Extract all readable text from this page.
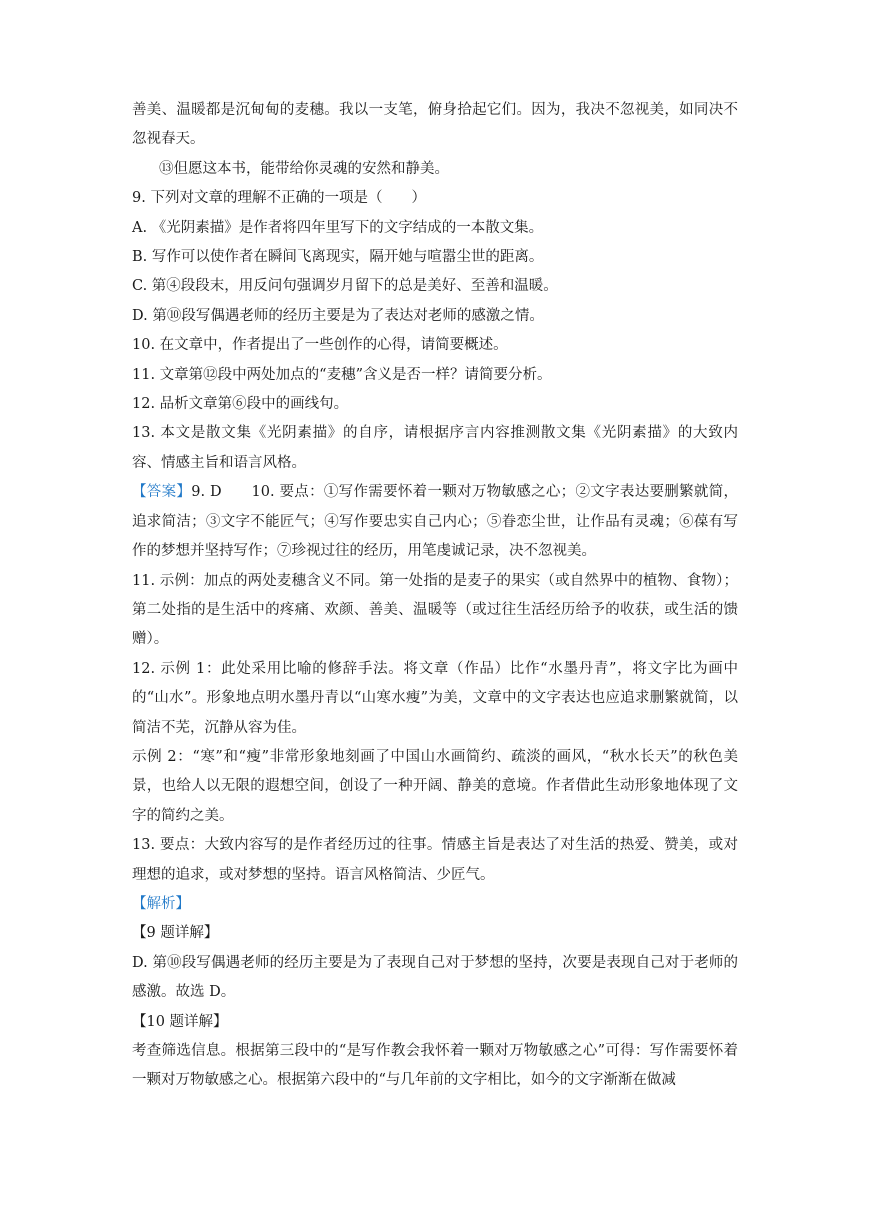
善美、温暖都是沉甸甸的麦穗。我以一支笔，俯身拾起它们。因为，我决不忽视美，如同决不忽视春天。

⑬但愿这本书，能带给你灵魂的安然和静美。

9. 下列对文章的理解不正确的一项是（　　）

A. 《光阴素描》是作者将四年里写下的文字结成的一本散文集。

B. 写作可以使作者在瞬间飞离现实，隔开她与喧嚣尘世的距离。

C. 第④段段末，用反问句强调岁月留下的总是美好、至善和温暖。

D. 第⑩段写偶遇老师的经历主要是为了表达对老师的感激之情。

10. 在文章中，作者提出了一些创作的心得，请简要概述。

11. 文章第⑫段中两处加点的“麦穗”含义是否一样？请简要分析。

12. 品析文章第⑥段中的画线句。

13. 本文是散文集《光阴素描》的自序，请根据序言内容推测散文集《光阴素描》的大致内容、情感主旨和语言风格。

【答案】9. D　　10. 要点：①写作需要怀着一颗对万物敏感之心；②文字表达要删繁就简，追求简洁；③文字不能匠气；④写作要忠实自己内心；⑤眷恋尘世，让作品有灵魂；⑥葆有写作的梦想并坚持写作；⑦珍视过往的经历，用笔虔诚记录，决不忽视美。

11. 示例：加点的两处麦穗含义不同。第一处指的是麦子的果实（或自然界中的植物、食物）；第二处指的是生活中的疼痛、欢颜、善美、温暖等（或过往生活经历给予的收获，或生活的馈赠）。

12. 示例 1：此处采用比喻的修辞手法。将文章（作品）比作“水墨丹青”，将文字比为画中的“山水”。形象地点明水墨丹青以“山寒水瘦”为美，文章中的文字表达也应追求删繁就简，以简洁不芜，沉静从容为佳。

示例 2：“寒”和“瘦”非常形象地刻画了中国山水画简约、疏淡的画风，“秋水长天”的秋色美景，也给人以无限的遐想空间，创设了一种开阔、静美的意境。作者借此生动形象地体现了文字的简约之美。

13. 要点：大致内容写的是作者经历过的往事。情感主旨是表达了对生活的热爱、赞美，或对理想的追求，或对梦想的坚持。语言风格简洁、少匠气。

【解析】

【9 题详解】

D. 第⑩段写偶遇老师的经历主要是为了表现自己对于梦想的坚持，次要是表现自己对于老师的感激。故选 D。

【10 题详解】

考查筛选信息。根据第三段中的“是写作教会我怀着一颗对万物敏感之心”可得：写作需要怀着一颗对万物敏感之心。根据第六段中的“与几年前的文字相比，如今的文字渐渐在做减
